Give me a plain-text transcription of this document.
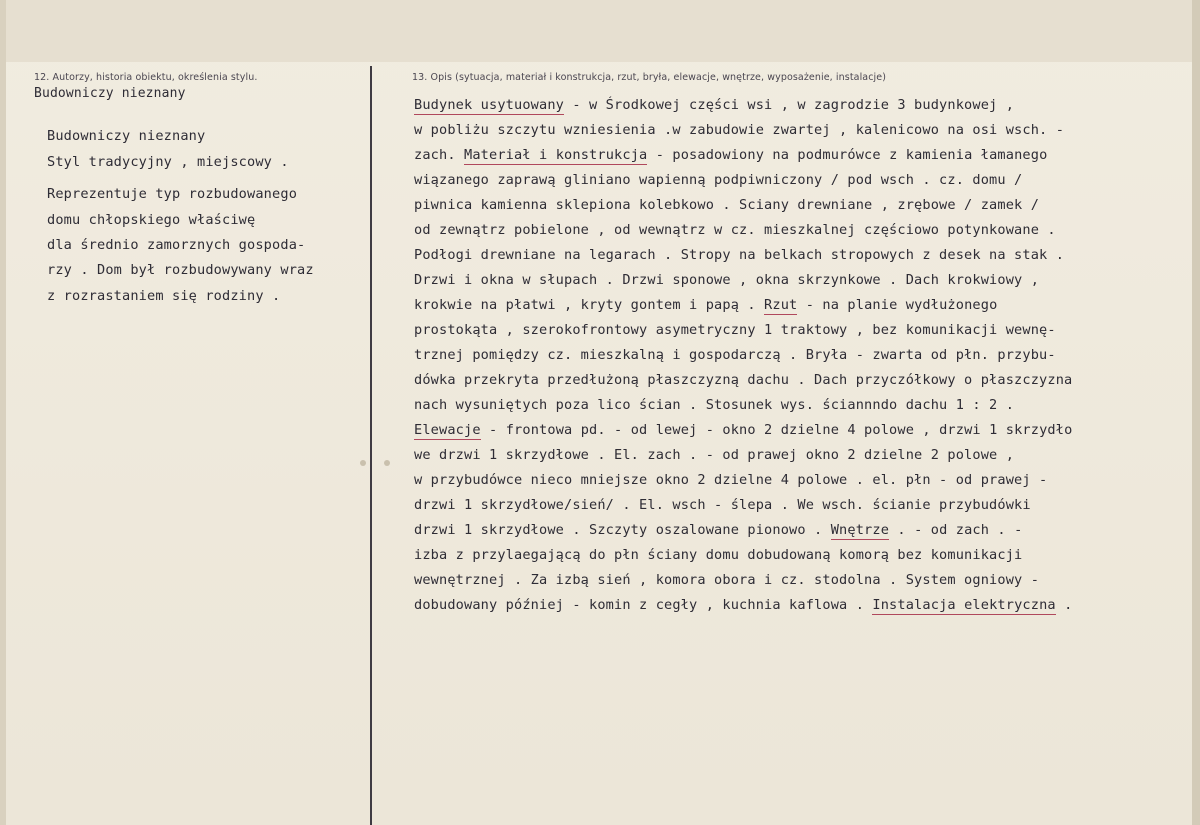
12. Autorzy, historia obiektu, określenia stylu.	13. Opis (sytuacja, materiał i konstrukcja, rzut, bryła, elewacje, wnętrze, wyposażenie, instalacje)
Budowniczy nieznany
Budowniczy nieznany
Styl tradycyjny , miejscowy .
Reprezentuje typ rozbudowanego
domu chłopskiego właściwę
dla średnio zamorznych gospoda-
rzy . Dom był rozbudowywany wraz
z rozrastaniem się rodziny .
Budynek usytuowany - w Środkowej części wsi , w zagrodzie 3 budynkowej ,
w pobliżu szczytu wzniesienia .w zabudowie zwartej , kalenicowo na osi wsch. -
zach. Materiał i konstrukcja - posadowiony na podmurówce z kamienia łamanego
wiązanego zaprawą gliniano wapienną podpiwniczony / pod wsch . cz. domu /
piwnica kamienna sklepiona kolebkowo . Sciany drewniane , zrębowe / zamek /
od zewnątrz pobielone , od wewnątrz w cz. mieszkalnej częściowo potynkowane .
Podłogi drewniane na legarach . Stropy na belkach stropowych z desek na stak .
Drzwi i okna w słupach . Drzwi sponowe , okna skrzynkowe . Dach krokwiowy ,
krokwie na płatwi , kryty gontem i papą . Rzut - na planie wydłużonego
prostokąta , szerokofrontowy asymetryczny 1 traktowy , bez komunikacji wewnę-
trznej pomiędzy cz. mieszkalną i gospodarczą . Bryła - zwarta od płn. przybu-
dówka przekryta przedłużoną płaszczyzną dachu . Dach przyczółkowy o płaszczyzna
nach wysuniętych poza lico ścian . Stosunek wys. ściannndo dachu 1 : 2 .
Elewacje - frontowa pd. - od lewej - okno 2 dzielne 4 polowe , drzwi 1 skrzydło
we drzwi 1 skrzydłowe . El. zach . - od prawej okno 2 dzielne 2 polowe ,
w przybudówce nieco mniejsze okno 2 dzielne 4 polowe . el. płn - od prawej -
drzwi 1 skrzydłowe/sień/ . El. wsch - ślepa . We wsch. ścianie przybudówki
drzwi 1 skrzydłowe . Szczyty oszalowane pionowo . Wnętrze . - od zach . -
izba z przylaegającą do płn ściany domu dobudowaną komorą bez komunikacji
wewnętrznej . Za izbą sień , komora obora i cz. stodolna . System ogniowy -
dobudowany później - komin z cegły , kuchnia kaflowa . Instalacja elektryczna .
